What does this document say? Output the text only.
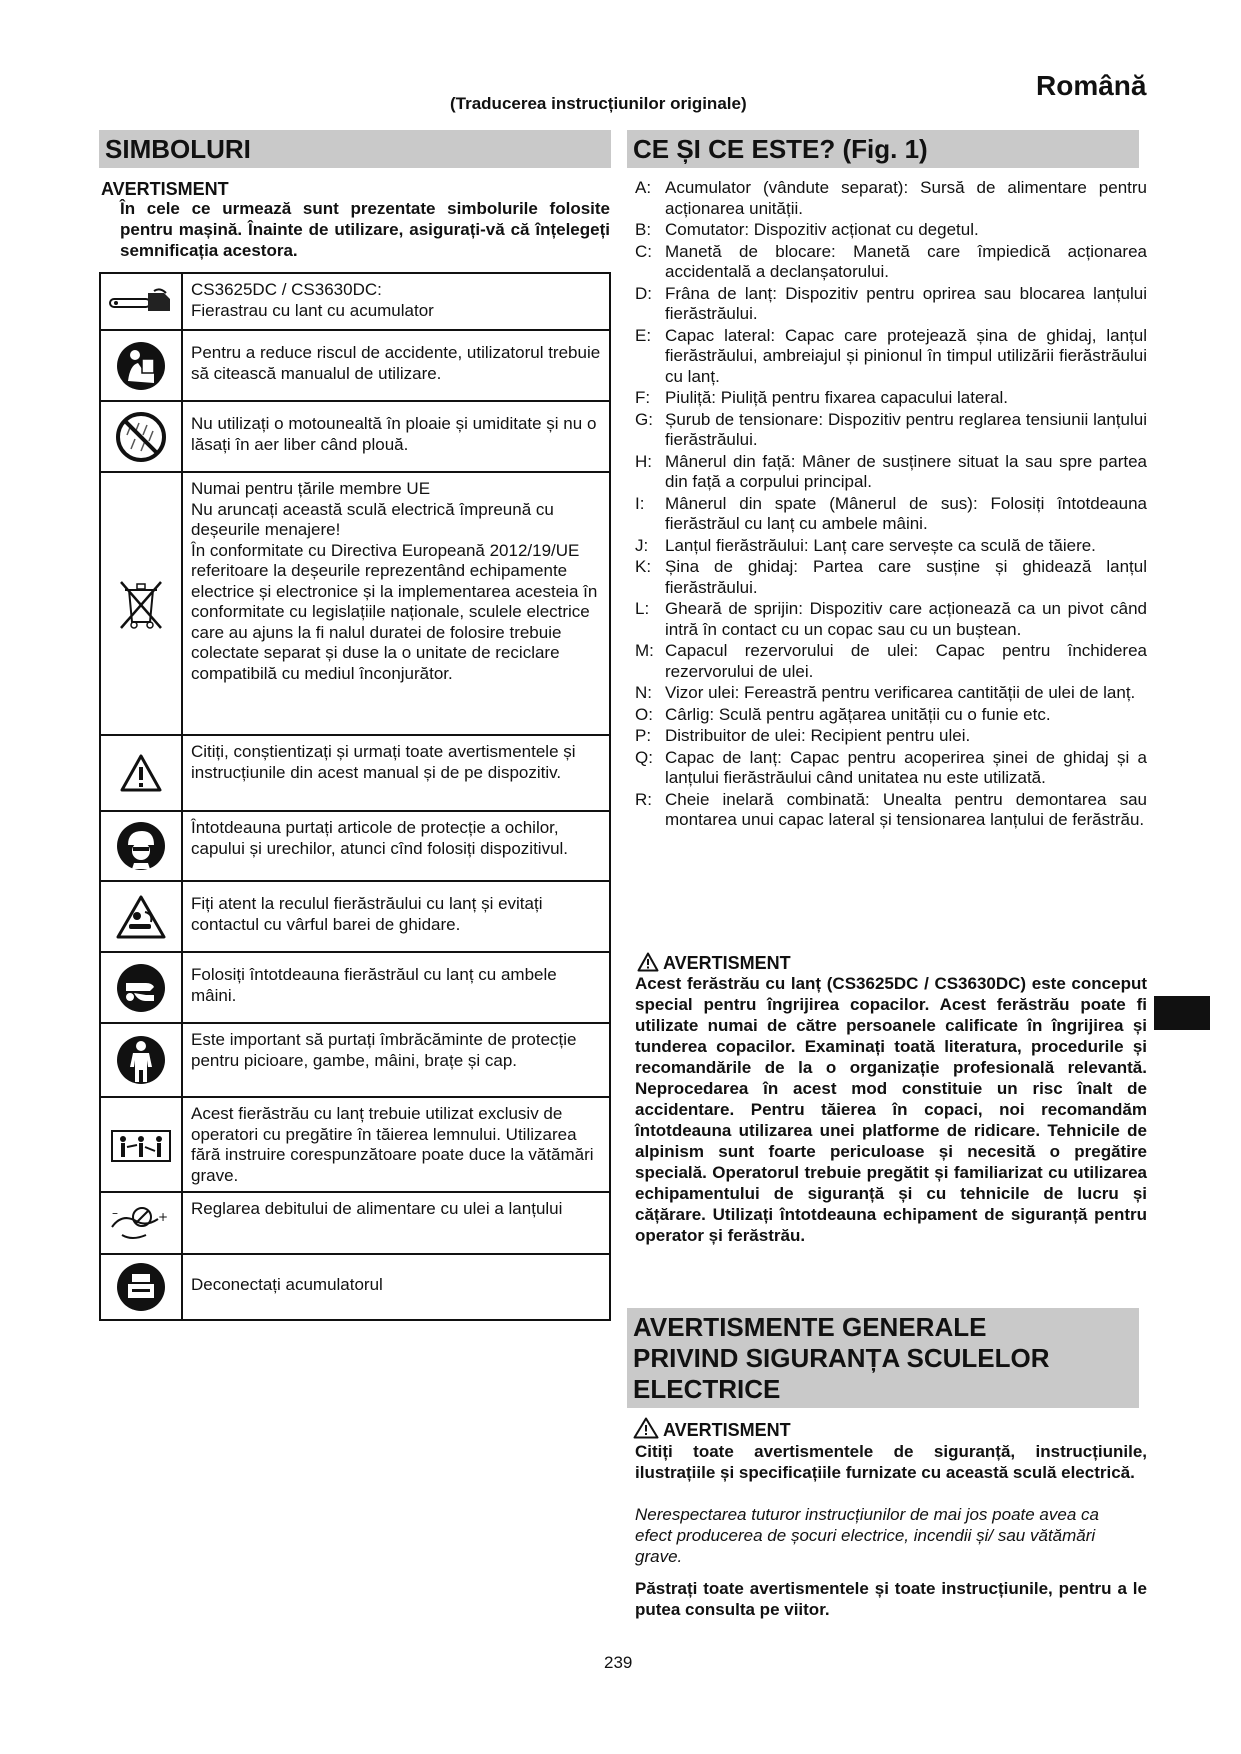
Română
(Traducerea instrucțiunilor originale)
SIMBOLURI
AVERTISMENT
În cele ce urmează sunt prezentate simbolurile folosite pentru mașină. Înainte de utilizare, asigurați-vă că înțelegeți semnificația acestora.
CS3625DC / CS3630DC:
Fierastrau cu lant cu acumulator
Pentru a reduce riscul de accidente, utilizatorul trebuie să citească manualul de utilizare.
Nu utilizați o motounealtă în ploaie și umiditate și nu o lăsați în aer liber când plouă.
Numai pentru țările membre UE
Nu aruncați această sculă electrică împreună cu deșeurile menajere!
În conformitate cu Directiva Europeană 2012/19/UE referitoare la deșeurile reprezentând echipamente electrice și electronice și la implementarea acesteia în conformitate cu legislațiile naționale, sculele electrice care au ajuns la fi nalul duratei de folosire trebuie colectate separat și duse la o unitate de reciclare compatibilă cu mediul înconjurător.
Citiți, conștientizați și urmați toate avertismentele și instrucțiunile din acest manual și de pe dispozitiv.
Întotdeauna purtați articole de protecție a ochilor, capului și urechilor, atunci cînd folosiți dispozitivul.
Fiți atent la reculul fierăstrăului cu lanț și evitați contactul cu vârful barei de ghidare.
Folosiți întotdeauna fierăstrăul cu lanț cu ambele mâini.
Este important să purtați îmbrăcăminte de protecție pentru picioare, gambe, mâini, brațe și cap.
Acest fierăstrău cu lanț trebuie utilizat exclusiv de operatori cu pregătire în tăierea lemnului. Utilizarea fără instruire corespunzătoare poate duce la vătămări grave.
+
–	Reglarea debitului de alimentare cu ulei a lanțului
Deconectați acumulatorul
CE ȘI CE ESTE? (Fig. 1)
A: Acumulator (vândute separat): Sursă de alimentare pentru acționarea unității.
B: Comutator: Dispozitiv acționat cu degetul.
C: Manetă de blocare: Manetă care împiedică acționarea accidentală a declanșatorului.
D: Frâna de lanț: Dispozitiv pentru oprirea sau blocarea lanțului fierăstrăului.
E: Capac lateral: Capac care protejează șina de ghidaj, lanțul fierăstrăului, ambreiajul și pinionul în timpul utilizării fierăstrăului cu lanț.
F: Piuliță: Piuliță pentru fixarea capacului lateral.
G: Șurub de tensionare: Dispozitiv pentru reglarea tensiunii lanțului fierăstrăului.
H: Mânerul din față: Mâner de susținere situat la sau spre partea din față a corpului principal.
I:	Mânerul din spate (Mânerul de sus): Folosiți întotdeauna fierăstrăul cu lanț cu ambele mâini.
J: Lanțul fierăstrăului: Lanț care servește ca sculă de tăiere.
K: Șina de ghidaj: Partea care susține și ghidează lanțul fierăstrăului.
L: Gheară de sprijin: Dispozitiv care acționează ca un pivot când intră în contact cu un copac sau cu un buștean.
M: Capacul rezervorului de ulei: Capac pentru închiderea rezervorului de ulei.
N: Vizor ulei: Fereastră pentru verificarea cantității de ulei de lanț.
O: Cârlig: Sculă pentru agățarea unității cu o funie etc.
P: Distribuitor de ulei: Recipient pentru ulei.
Q: Capac de lanț: Capac pentru acoperirea șinei de ghidaj și a lanțului fierăstrăului când unitatea nu este utilizată.
R: Cheie inelară combinată: Unealta pentru demontarea sau montarea unui capac lateral și tensionarea lanțului de ferăstrău.
AVERTISMENT
Acest ferăstrău cu lanț (CS3625DC / CS3630DC) este conceput special pentru îngrijirea copacilor. Acest ferăstrău poate fi utilizate numai de către persoanele calificate în îngrijirea și tunderea copacilor. Examinați toată literatura, procedurile și recomandările de la o organizație profesională relevantă. Neprocedarea în acest mod constituie un risc înalt de accidentare. Pentru tăierea în copaci, noi recomandăm întotdeauna utilizarea unei platforme de ridicare. Tehnicile de alpinism sunt foarte periculoase și necesită o pregătire specială. Operatorul trebuie pregătit și familiarizat cu utilizarea echipamentului de siguranță și cu tehnicile de lucru și cățărare. Utilizați întotdeauna echipament de siguranță pentru operator și ferăstrău.
AVERTISMENTE GENERALE
PRIVIND SIGURANȚA SCULELOR
ELECTRICE
AVERTISMENT
Citiți toate avertismentele de siguranță, instrucțiunile, ilustrațiile și specificațiile furnizate cu această sculă electrică.
Nerespectarea tuturor instrucțiunilor de mai jos poate avea ca efect producerea de șocuri electrice, incendii și/ sau vătămări grave.
Păstrați toate avertismentele și toate instrucțiunile, pentru a le putea consulta pe viitor.
239
